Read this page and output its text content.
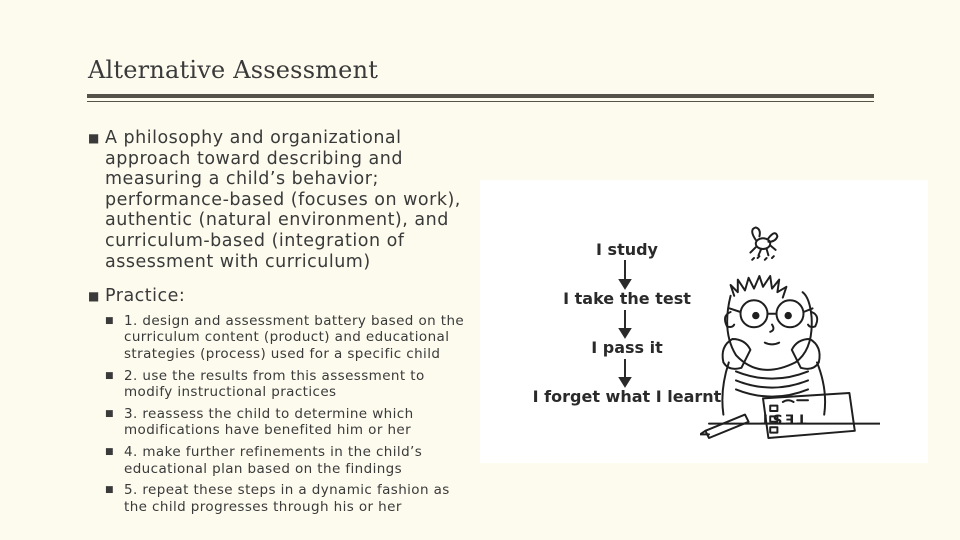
Alternative Assessment
■ A philosophy and organizational approach toward describing and measuring a child’s behavior; performance-based (focuses on work), authentic (natural environment), and curriculum-based (integration of assessment with curriculum)
■ Practice:
■ 1. design and assessment battery based on the curriculum content (product) and educational strategies (process) used for a specific child
■ 2. use the results from this assessment to modify instructional practices
■ 3. reassess the child to determine which modifications have benefited him or her
■ 4. make further refinements in the child’s educational plan based on the findings
■ 5. repeat these steps in a dynamic fashion as the child progresses through his or her
I study
I take the test
I pass it
I forget what I learnt
TEST
